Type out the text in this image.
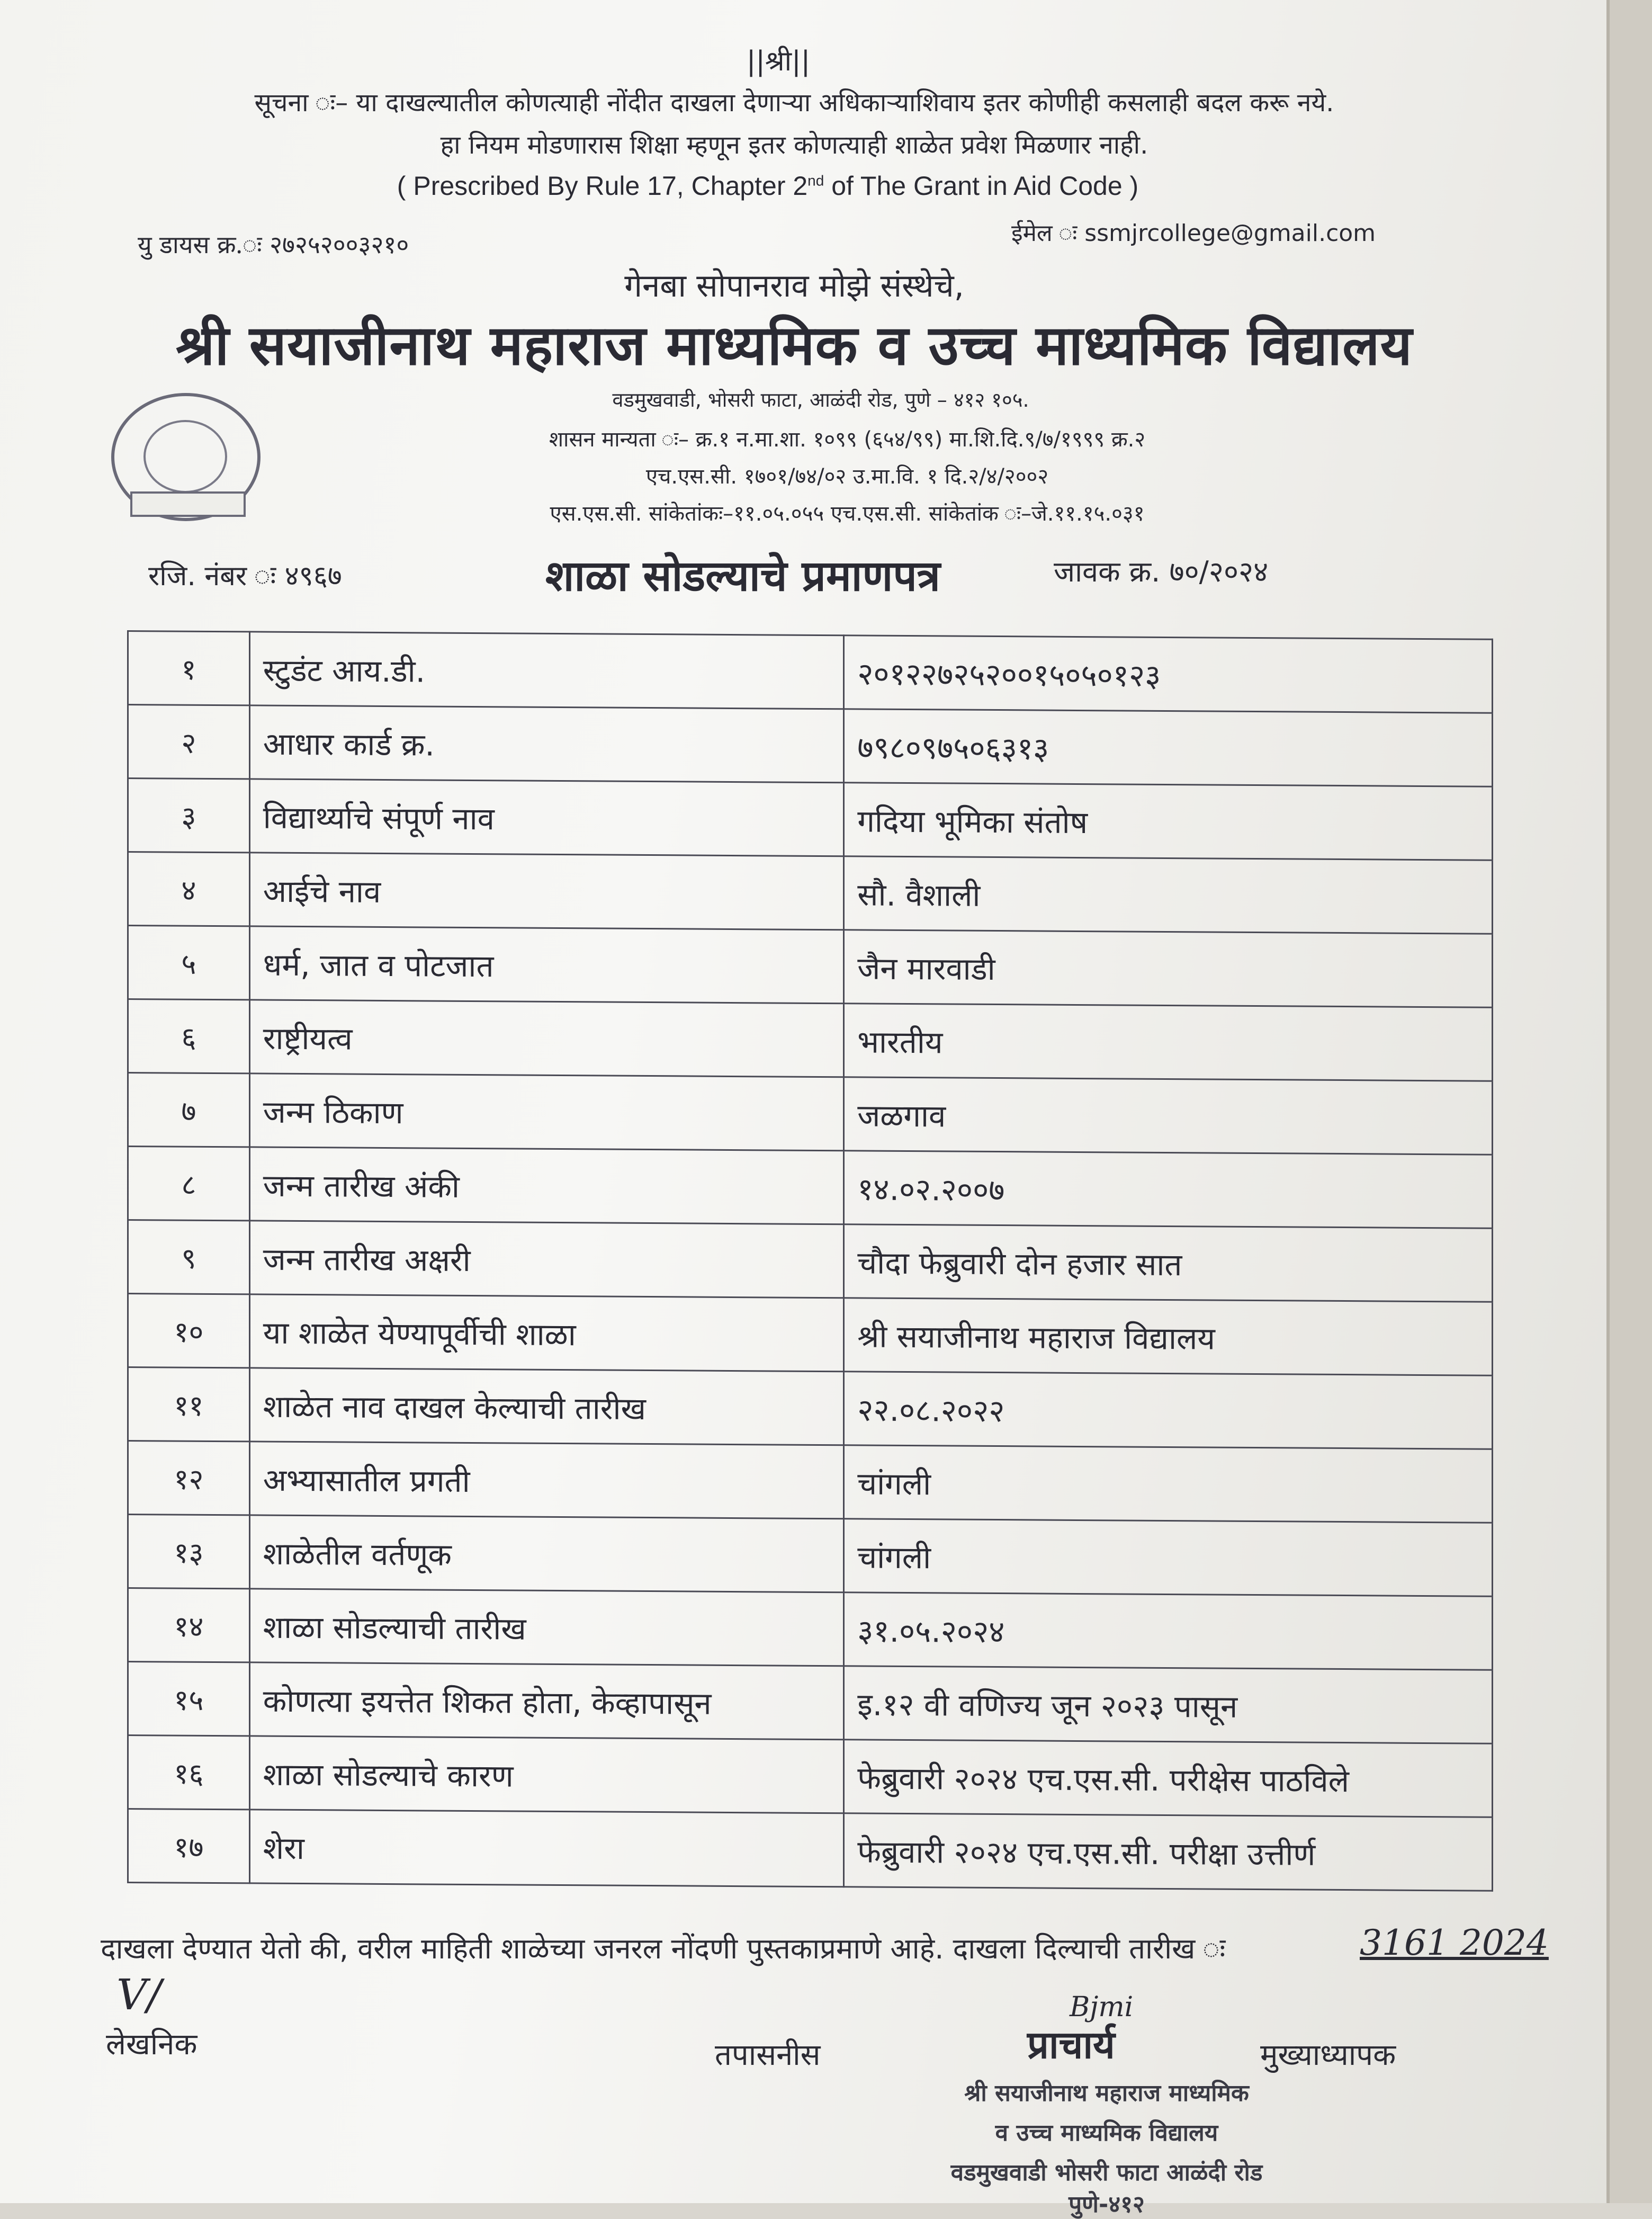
||श्री||
सूचना ः– या दाखल्यातील कोणत्याही नोंदीत दाखला देणाऱ्या अधिकाऱ्याशिवाय इतर कोणीही कसलाही बदल करू नये.
हा नियम मोडणारास शिक्षा म्हणून इतर कोणत्याही शाळेत प्रवेश मिळणार नाही.
( Prescribed By Rule 17, Chapter 2nd of The Grant in Aid Code )
यु डायस क्र.ः २७२५२००३२१०	ईमेल ः ssmjrcollege@gmail.com
गेनबा सोपानराव मोझे संस्थेचे,
श्री सयाजीनाथ महाराज माध्यमिक व उच्च माध्यमिक विद्यालय
वडमुखवाडी, भोसरी फाटा, आळंदी रोड, पुणे – ४१२ १०५.
शासन मान्यता ः– क्र.१ न.मा.शा. १०९९ (६५४/९९) मा.शि.दि.९/७/१९९९ क्र.२
एच.एस.सी. १७०१/७४/०२ उ.मा.वि. १ दि.२/४/२००२
एस.एस.सी. सांकेतांकः–११.०५.०५५ एच.एस.सी. सांकेतांक ः–जे.११.१५.०३१
रजि. नंबर ः ४९६७	शाळा सोडल्याचे प्रमाणपत्र	जावक क्र. ७०/२०२४
१	स्टुडंट आय.डी.	२०१२२७२५२००१५०५०१२३
२	आधार कार्ड क्र.	७९८०९७५०६३१३
३	विद्यार्थ्याचे संपूर्ण नाव	गदिया भूमिका संतोष
४	आईचे नाव	सौ. वैशाली
५	धर्म, जात व पोटजात	जैन मारवाडी
६	राष्ट्रीयत्व	भारतीय
७	जन्म ठिकाण	जळगाव
८	जन्म तारीख अंकी	१४.०२.२००७
९	जन्म तारीख अक्षरी	चौदा फेब्रुवारी दोन हजार सात
१०	या शाळेत येण्यापूर्वीची शाळा	श्री सयाजीनाथ महाराज विद्यालय
११	शाळेत नाव दाखल केल्याची तारीख	२२.०८.२०२२
१२	अभ्यासातील प्रगती	चांगली
१३	शाळेतील वर्तणूक	चांगली
१४	शाळा सोडल्याची तारीख	३१.०५.२०२४
१५	कोणत्या इयत्तेत शिकत होता, केव्हापासून	इ.१२ वी वणिज्य जून २०२३ पासून
१६	शाळा सोडल्याचे कारण	फेब्रुवारी २०२४ एच.एस.सी. परीक्षेस पाठविले
१७	शेरा	फेब्रुवारी २०२४ एच.एस.सी. परीक्षा उत्तीर्ण
दाखला देण्यात येतो की, वरील माहिती शाळेच्या जनरल नोंदणी पुस्तकाप्रमाणे आहे. दाखला दिल्याची तारीख ः	3161 2024
V/
लेखनिक	तपासनीस
Bjmi
प्राचार्य	मुख्याध्यापक
श्री सयाजीनाथ महाराज माध्यमिक
व उच्च माध्यमिक विद्यालय
वडमुखवाडी भोसरी फाटा आळंदी रोड
पुणे-४१२
